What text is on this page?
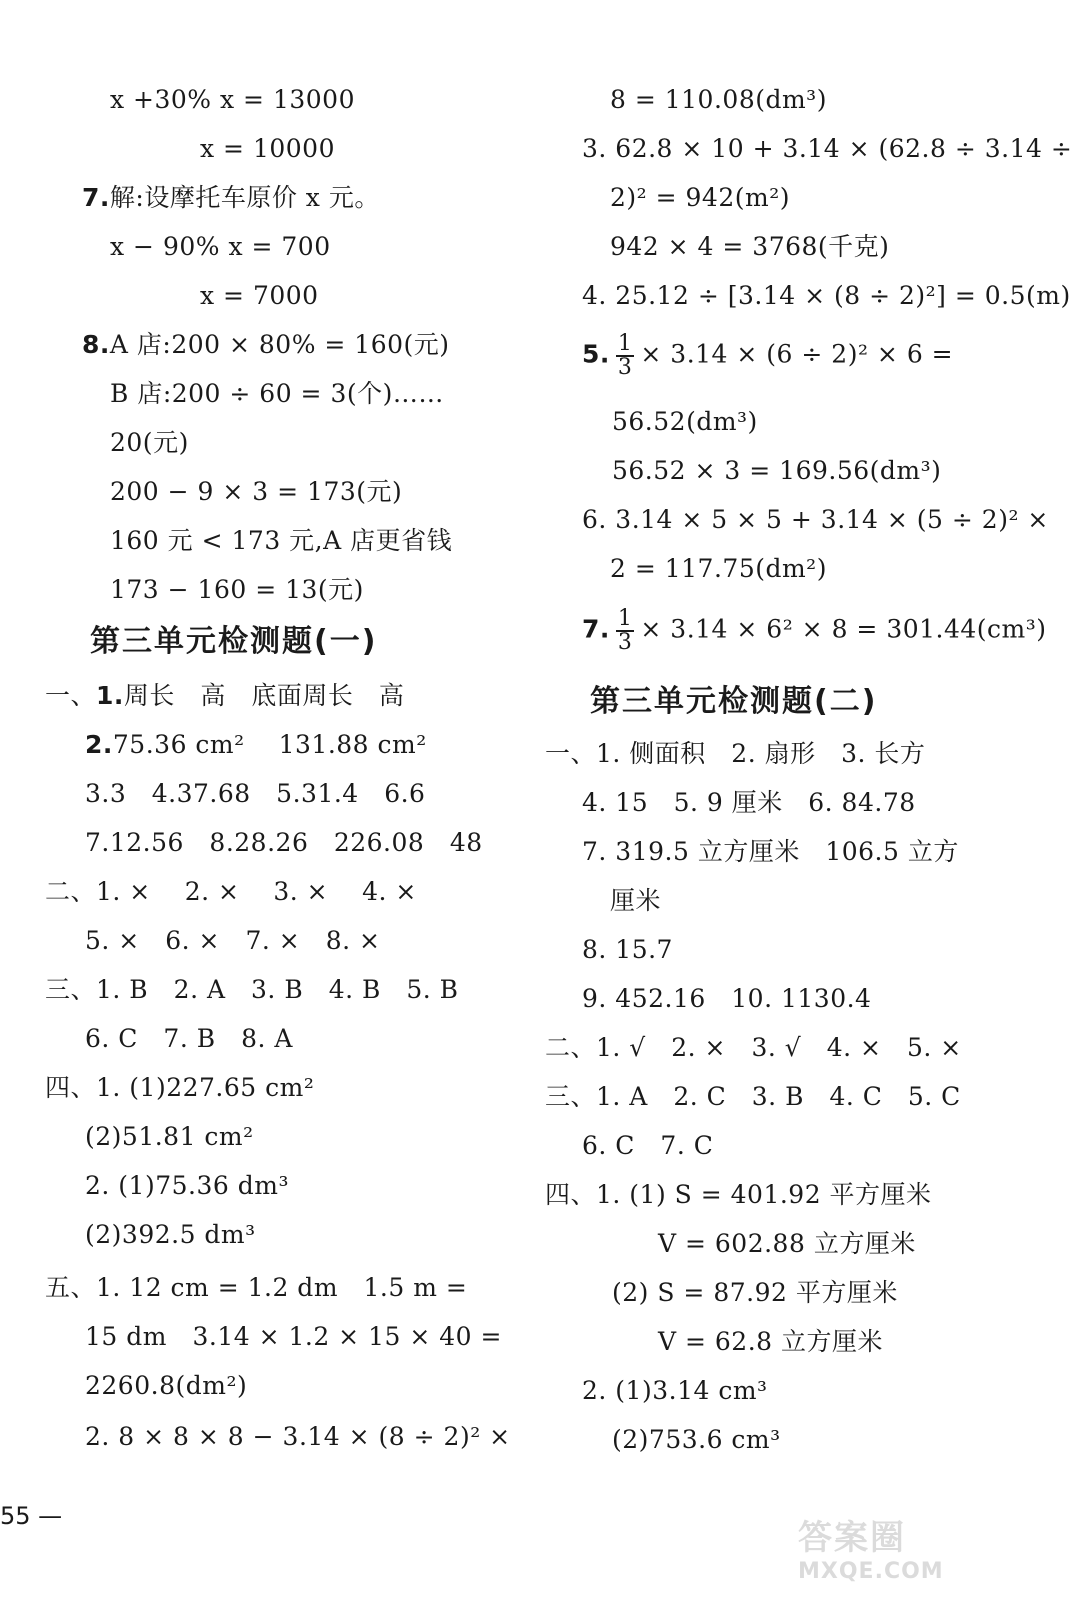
x +30% x = 13000
x = 10000
7.解:设摩托车原价 x 元。
x − 90% x = 700
x = 7000
8.A 店:200 × 80% = 160(元)
B 店:200 ÷ 60 = 3(个)……
20(元)
200 − 9 × 3 = 173(元)
160 元 < 173 元,A 店更省钱
173 − 160 = 13(元)
第三单元检测题(一)
一、1.周长　高　底面周长　高
2.75.36 cm² 　131.88 cm²
3.3　4.37.68　5.31.4　6.6
7.12.56　8.28.26　226.08　48
二、1. ×　 2. ×　 3. ×　 4. ×
5. ×　6. ×　7. ×　8. ×
三、1. B　2. A　3. B　4. B　5. B
6. C　7. B　8. A
四、1. (1)227.65 cm²
(2)51.81 cm²
2. (1)75.36 dm³
(2)392.5 dm³
五、1. 12 cm = 1.2 dm　1.5 m =
15 dm　3.14 × 1.2 × 15 × 40 =
2260.8(dm²)
2. 8 × 8 × 8 − 3.14 × (8 ÷ 2)² ×
8 = 110.08(dm³)
3. 62.8 × 10 + 3.14 × (62.8 ÷ 3.14 ÷
2)² = 942(m²)
942 × 4 = 3768(千克)
4. 25.12 ÷ [3.14 × (8 ÷ 2)²] = 0.5(m)
5. $\frac{1}{3} \times 3.14 \times (6 \div 2)^2 \times 6$ =
56.52(dm³)
56.52 × 3 = 169.56(dm³)
6. 3.14 × 5 × 5 + 3.14 × (5 ÷ 2)² ×
2 = 117.75(dm²)
7. $\frac{1}{3} \times 3.14 \times 6^2 \times 8 = 301.44(cm^3)$
第三单元检测题(二)
一、1. 侧面积　2. 扇形　3. 长方
4. 15　5. 9 厘米　6. 84.78
7. 319.5 立方厘米　106.5 立方
厘米
8. 15.7
9. 452.16　10. 1130.4
二、1. √　2. ×　3. √　4. ×　5. ×
三、1. A　2. C　3. B　4. C　5. C
6. C　7. C
四、1. (1) S = 401.92 平方厘米
V = 602.88 立方厘米
(2) S = 87.92 平方厘米
V = 62.8 立方厘米
2. (1)3.14 cm³
(2)753.6 cm³
55 —
答案圈
MXQE.COM
